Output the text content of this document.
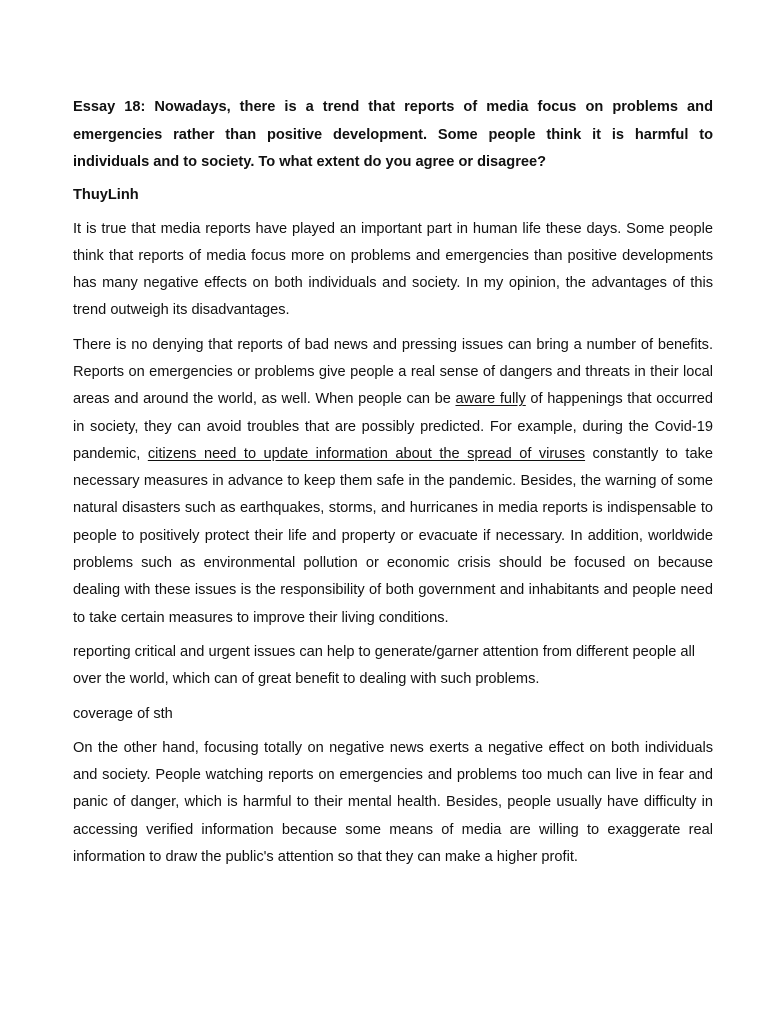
Essay 18: Nowadays, there is a trend that reports of media focus on problems and emergencies rather than positive development. Some people think it is harmful to individuals and to society. To what extent do you agree or disagree?

ThuyLinh

It is true that media reports have played an important part in human life these days. Some people think that reports of media focus more on problems and emergencies than positive developments has many negative effects on both individuals and society. In my opinion, the advantages of this trend outweigh its disadvantages.

There is no denying that reports of bad news and pressing issues can bring a number of benefits. Reports on emergencies or problems give people a real sense of dangers and threats in their local areas and around the world, as well. When people can be aware fully of happenings that occurred in society, they can avoid troubles that are possibly predicted. For example, during the Covid-19 pandemic, citizens need to update information about the spread of viruses constantly to take necessary measures in advance to keep them safe in the pandemic. Besides, the warning of some natural disasters such as earthquakes, storms, and hurricanes in media reports is indispensable to people to positively protect their life and property or evacuate if necessary. In addition, worldwide problems such as environmental pollution or economic crisis should be focused on because dealing with these issues is the responsibility of both government and inhabitants and people need to take certain measures to improve their living conditions.

reporting critical and urgent issues can help to generate/garner attention from different people all over the world, which can of great benefit to dealing with such problems.

coverage of sth

On the other hand, focusing totally on negative news exerts a negative effect on both individuals and society. People watching reports on emergencies and problems too much can live in fear and panic of danger, which is harmful to their mental health. Besides, people usually have difficulty in accessing verified information because some means of media are willing to exaggerate real information to draw the public's attention so that they can make a higher profit.
